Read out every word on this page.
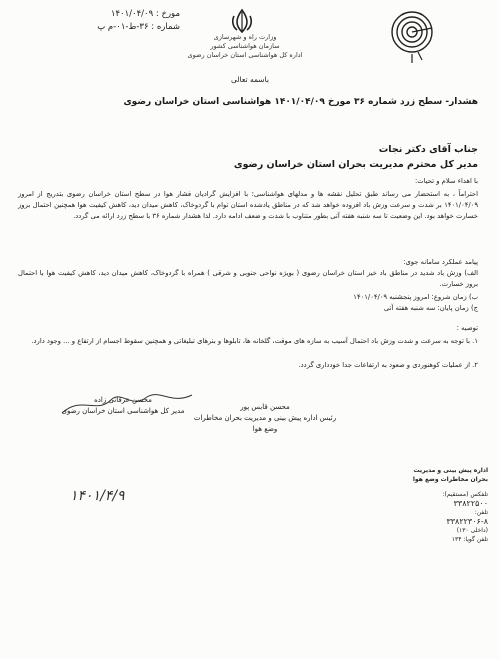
مورخ : ۱۴۰۱/۰۴/۰۹
شماره : ۳۶-ط-۰۱-م پ
وزارت راه و شهرسازی
سازمان هواشناسی کشور
اداره کل هواشناسی استان خراسان رضوی
باسمه تعالی
هشدار- سطح زرد شماره ۳۶ مورخ ۱۴۰۱/۰۴/۰۹ هواشناسی استان خراسان رضوی
جناب آقای دکتر نجات
مدیر کل محترم مدیریت بحران استان خراسان رضوی
با اهداء سلام و تحیات:
احتراماً ، به استحضار می رساند طبق تحلیل نقشه ها و مدلهای هواشناسی؛ با افزایش گرادیان فشار هوا در سطح استان خراسان رضوی بتدریج از امروز ۱۴۰۱/۰۴/۰۹ بر شدت و سرعت وزش باد افزوده خواهد شد که در مناطق یادشده استان توام با گردوخاک، کاهش میدان دید، کاهش کیفیت هوا همچنین احتمال بروز خسارت خواهد بود. این وضعیت تا سه شنبه هفته آتی بطور متناوب با شدت و ضعف ادامه دارد. لذا هشدار شماره ۳۶ با سطح زرد ارائه می گردد.
پیامد عملکرد سامانه جوی:
الف) وزش باد شدید در مناطق باد خیز استان خراسان رضوی ( بویژه نواحی جنوبی و شرقی ) همراه با گردوخاک، کاهش میدان دید، کاهش کیفیت هوا با احتمال بروز خسارت.
ب) زمان شروع: امروز پنجشنبه ۱۴۰۱/۰۴/۰۹
ج) زمان پایان: سه شنبه هفته آتی
توصیه :
۱. با توجه به سرعت و شدت وزش باد احتمال آسیب به سازه های موقت، گلخانه ها، تابلوها و بنرهای تبلیغاتی و همچنین سقوط اجسام از ارتفاع و ... وجود دارد.
۲. از عملیات کوهنوردی و صعود به ارتفاعات جدا خودداری گردد.
محسن قابس پور
رئیس اداره پیش بینی و مدیریت بحران مخاطرات وضع هوا
محسن عرفانی زاده
مدیر کل هواشناسی استان خراسان رضوی
۱۴۰۱/۴/۹
اداره پیش بینی و مدیریت بحران مخاطرات وضع هوا
تلفکس (مستقیم):
۳۳۸۲۲۵۰۰
تلفن:
۳۳۸۲۲۳۰۶-۸
(داخلی ۱۳۰)
تلفن گویا: ۱۳۴
